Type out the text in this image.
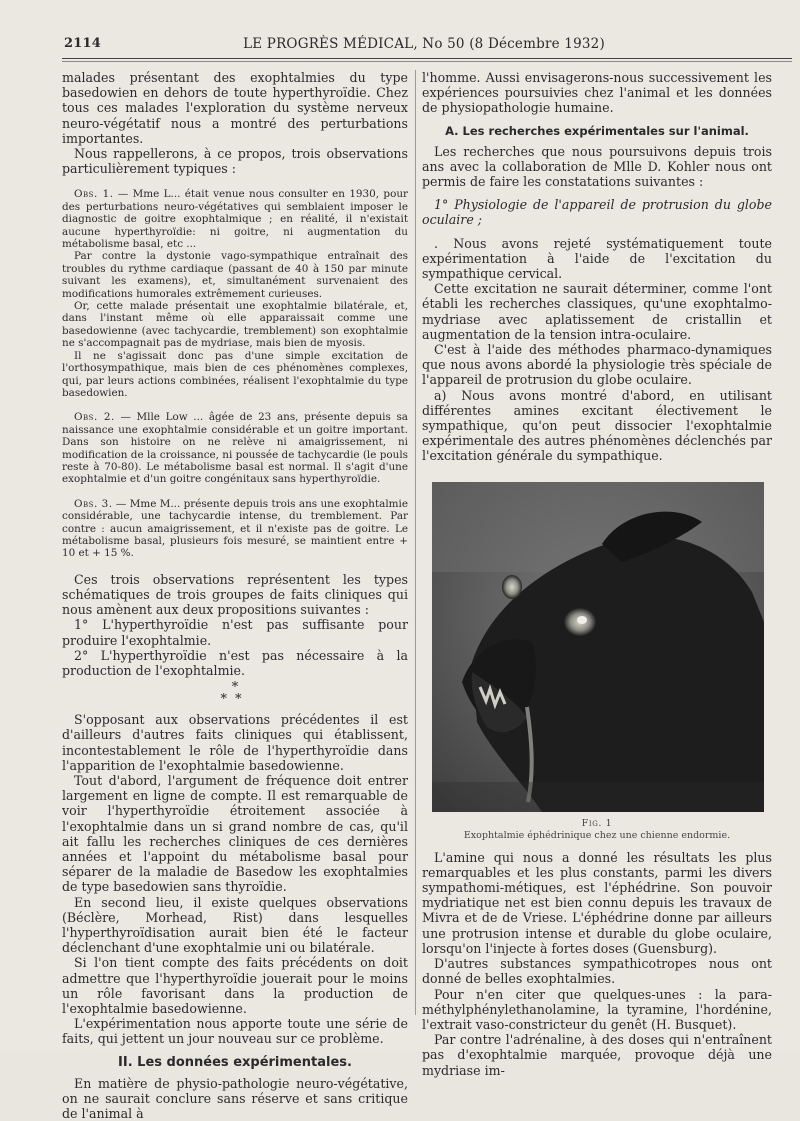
2114	LE PROGRÈS MÉDICAL, No 50 (8 Décembre 1932)

malades présentant des exophtalmies du type basedowien en dehors de toute hyperthyroïdie. Chez tous ces malades l'exploration du système nerveux neuro-végétatif nous a montré des perturbations importantes.

Nous rappellerons, à ce propos, trois observations particulièrement typiques :

Obs. 1. — Mme L... était venue nous consulter en 1930, pour des perturbations neuro-végétatives qui semblaient imposer le diagnostic de goitre exophtalmique ; en réalité, il n'existait aucune hyperthyroïdie: ni goitre, ni augmentation du métabolisme basal, etc ...

Par contre la dystonie vago-sympathique entraînait des troubles du rythme cardiaque (passant de 40 à 150 par minute suivant les examens), et, simultanément survenaient des modifications humorales extrêmement curieuses.

Or, cette malade présentait une exophtalmie bilatérale, et, dans l'instant même où elle apparaissait comme une basedowienne (avec tachycardie, tremblement) son exophtalmie ne s'accompagnait pas de mydriase, mais bien de myosis.

Il ne s'agissait donc pas d'une simple excitation de l'orthosympathique, mais bien de ces phénomènes complexes, qui, par leurs actions combinées, réalisent l'exophtalmie du type basedowien.

Obs. 2. — Mlle Low ... âgée de 23 ans, présente depuis sa naissance une exophtalmie considérable et un goitre important. Dans son histoire on ne relève ni amaigrissement, ni modification de la croissance, ni poussée de tachycardie (le pouls reste à 70-80). Le métabolisme basal est normal. Il s'agit d'une exophtalmie et d'un goitre congénitaux sans hyperthyroïdie.

Obs. 3. — Mme M... présente depuis trois ans une exophtalmie considérable, une tachycardie intense, du tremblement. Par contre : aucun amaigrissement, et il n'existe pas de goitre. Le métabolisme basal, plusieurs fois mesuré, se maintient entre + 10 et + 15 %.

Ces trois observations représentent les types schématiques de trois groupes de faits cliniques qui nous amènent aux deux propositions suivantes :

1° L'hyperthyroïdie n'est pas suffisante pour produire l'exophtalmie.

2° L'hyperthyroïdie n'est pas nécessaire à la production de l'exophtalmie.

*
**

S'opposant aux observations précédentes il est d'ailleurs d'autres faits cliniques qui établissent, incontestablement le rôle de l'hyperthyroïdie dans l'apparition de l'exophtalmie basedowienne.

Tout d'abord, l'argument de fréquence doit entrer largement en ligne de compte. Il est remarquable de voir l'hyperthyroïdie étroitement associée à l'exophtalmie dans un si grand nombre de cas, qu'il ait fallu les recherches cliniques de ces dernières années et l'appoint du métabolisme basal pour séparer de la maladie de Basedow les exophtalmies de type basedowien sans thyroïdie.

En second lieu, il existe quelques observations (Béclère, Morhead, Rist) dans lesquelles l'hyperthyroïdisation aurait bien été le facteur déclenchant d'une exophtalmie uni ou bilatérale.

Si l'on tient compte des faits précédents on doit admettre que l'hyperthyroïdie jouerait pour le moins un rôle favorisant dans la production de l'exophtalmie basedowienne.

L'expérimentation nous apporte toute une série de faits, qui jettent un jour nouveau sur ce problème.

II. Les données expérimentales.

En matière de physio-pathologie neuro-végétative, on ne saurait conclure sans réserve et sans critique de l'animal à

l'homme. Aussi envisagerons-nous successivement les expériences poursuivies chez l'animal et les données de physiopathologie humaine.

A. Les recherches expérimentales sur l'animal.

Les recherches que nous poursuivons depuis trois ans avec la collaboration de Mlle D. Kohler nous ont permis de faire les constatations suivantes :

1° Physiologie de l'appareil de protrusion du globe oculaire ;

. Nous avons rejeté systématiquement toute expérimentation à l'aide de l'excitation du sympathique cervical.

Cette excitation ne saurait déterminer, comme l'ont établi les recherches classiques, qu'une exophtalmo-mydriase avec aplatissement de cristallin et augmentation de la tension intra-oculaire.

C'est à l'aide des méthodes pharmaco-dynamiques que nous avons abordé la physiologie très spéciale de l'appareil de protrusion du globe oculaire.

a) Nous avons montré d'abord, en utilisant différentes amines excitant électivement le sympathique, qu'on peut dissocier l'exophtalmie expérimentale des autres phénomènes déclenchés par l'excitation générale du sympathique.

Fig. 1
Exophtalmie éphédrinique chez une chienne endormie.

L'amine qui nous a donné les résultats les plus remarquables et les plus constants, parmi les divers sympathomi-métiques, est l'éphédrine. Son pouvoir mydriatique net est bien connu depuis les travaux de Mivra et de de Vriese. L'éphédrine donne par ailleurs une protrusion intense et durable du globe oculaire, lorsqu'on l'injecte à fortes doses (Guensburg).

D'autres substances sympathicotropes nous ont donné de belles exophtalmies.

Pour n'en citer que quelques-unes : la para-méthylphénylethanolamine, la tyramine, l'hordénine, l'extrait vaso-constricteur du genêt (H. Busquet).

Par contre l'adrénaline, à des doses qui n'entraînent pas d'exophtalmie marquée, provoque déjà une mydriase im-
